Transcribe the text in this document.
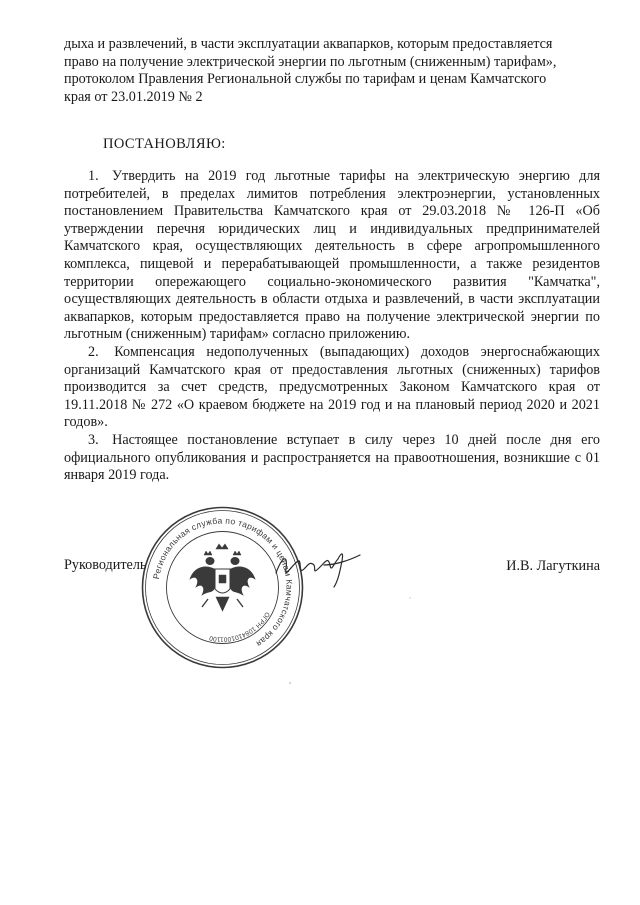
дыха и развлечений, в части эксплуатации аквапарков, которым предоставляется

право на получение электрической энергии по льготным (сниженным) тарифам»,

протоколом Правления Региональной службы по тарифам и ценам Камчатского

края от 23.01.2019 № 2

ПОСТАНОВЛЯЮ:

1. Утвердить на 2019 год льготные тарифы на электрическую энергию для потребителей, в пределах лимитов потребления электроэнергии, установленных постановлением Правительства Камчатского края от 29.03.2018 № 126-П «Об утверждении перечня юридических лиц и индивидуальных предпринимателей Камчатского края, осуществляющих деятельность в сфере агропромышленного комплекса, пищевой и перерабатывающей промышленности, а также резидентов территории опережающего социально-экономического развития "Камчатка", осуществляющих деятельность в области отдыха и развлечений, в части эксплуатации аквапарков, которым предоставляется право на получение электрической энергии по льготным (сниженным) тарифам» согласно приложению.

2. Компенсация недополученных (выпадающих) доходов энергоснабжающих организаций Камчатского края от предоставления льготных (сниженных) тарифов производится за счет средств, предусмотренных Законом Камчатского края от 19.11.2018 № 272 «О краевом бюджете на 2019 год и на плановый период 2020 и 2021 годов».

3. Настоящее постановление вступает в силу через 10 дней после дня его официального опубликования и распространяется на правоотношения, возникшие с 01 января 2019 года.

Региональная служба по тарифам и ценам Камчатского края
ОГРН 1084101001100
Руководитель	И.В. Лагуткина
